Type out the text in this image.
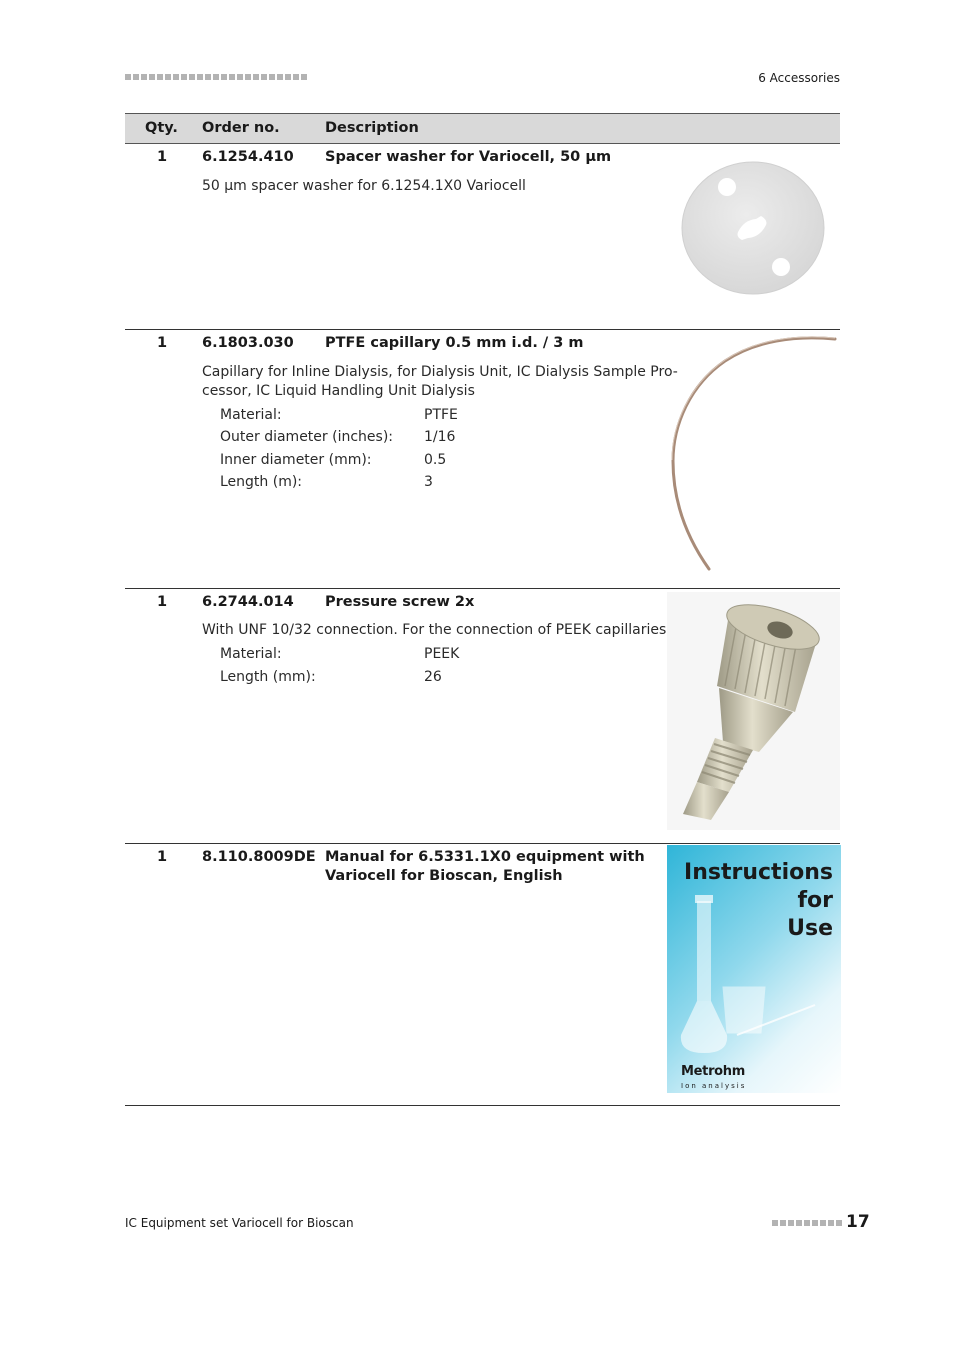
6 Accessories
Qty. Order no.	Description
1 6.1254.410 Spacer washer for Variocell, 50 µm
50 µm spacer washer for 6.1254.1X0 Variocell
1 6.1803.030 PTFE capillary 0.5 mm i.d. / 3 m
Capillary for Inline Dialysis, for Dialysis Unit, IC Dialysis Sample Pro-
cessor, IC Liquid Handling Unit Dialysis
Material:	PTFE
Outer diameter (inches): 1/16
Inner diameter (mm):	0.5
Length (m):	3
1 6.2744.014 Pressure screw 2x
With UNF 10/32 connection. For the connection of PEEK capillaries
Material:	PEEK
Length (mm):	26
1 8.110.8009DE Manual for 6.5331.1X0 equipment with
Variocell for Bioscan, English	Instructions
for
Use
Metrohm
Ion analysis
IC Equipment set Variocell for Bioscan	17
